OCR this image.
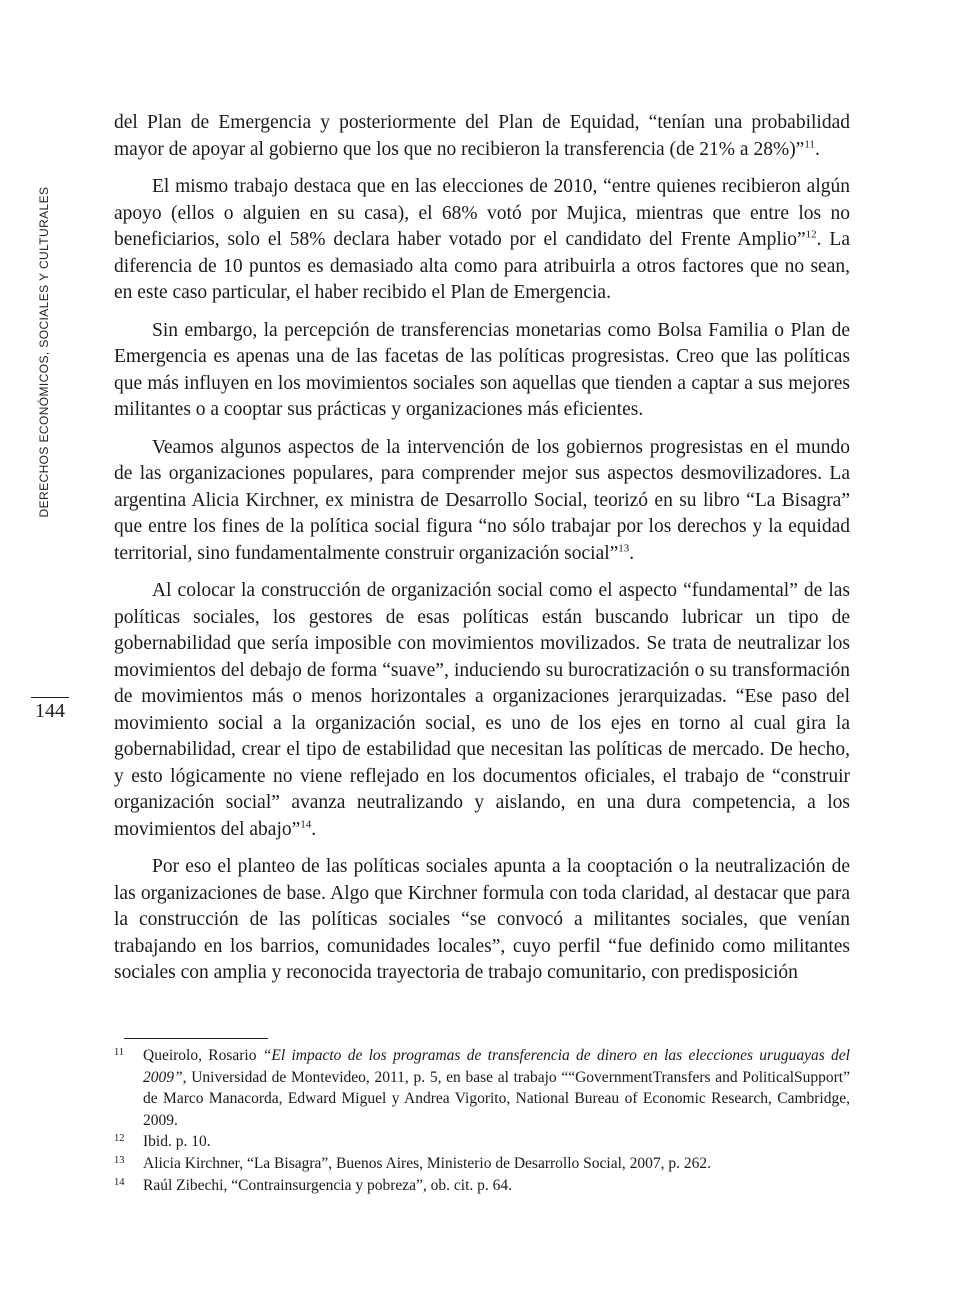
DERECHOS ECONÓMICOS, SOCIALES Y CULTURALES
144

del Plan de Emergencia y posteriormente del Plan de Equidad, “tenían una probabilidad mayor de apoyar al gobierno que los que no recibieron la transferencia (de 21% a 28%)”$^{11}$.

El mismo trabajo destaca que en las elecciones de 2010, “entre quienes recibieron algún apoyo (ellos o alguien en su casa), el 68% votó por Mujica, mientras que entre los no beneficiarios, solo el 58% declara haber votado por el candidato del Frente Amplio”$^{12}$. La diferencia de 10 puntos es demasiado alta como para atribuirla a otros factores que no sean, en este caso particular, el haber recibido el Plan de Emergencia.

Sin embargo, la percepción de transferencias monetarias como Bolsa Familia o Plan de Emergencia es apenas una de las facetas de las políticas progresistas. Creo que las políticas que más influyen en los movimientos sociales son aquellas que tienden a captar a sus mejores militantes o a cooptar sus prácticas y organizaciones más eficientes.

Veamos algunos aspectos de la intervención de los gobiernos progresistas en el mundo de las organizaciones populares, para comprender mejor sus aspectos desmovilizadores. La argentina Alicia Kirchner, ex ministra de Desarrollo Social, teorizó en su libro “La Bisagra” que entre los fines de la política social figura “no sólo trabajar por los derechos y la equidad territorial, sino fundamentalmente construir organización social”$^{13}$.

Al colocar la construcción de organización social como el aspecto “fundamental” de las políticas sociales, los gestores de esas políticas están buscando lubricar un tipo de gobernabilidad que sería imposible con movimientos movilizados. Se trata de neutralizar los movimientos del debajo de forma “suave”, induciendo su burocratización o su transformación de movimientos más o menos horizontales a organizaciones jerarquizadas. “Ese paso del movimiento social a la organización social, es uno de los ejes en torno al cual gira la gobernabilidad, crear el tipo de estabilidad que necesitan las políticas de mercado. De hecho, y esto lógicamente no viene reflejado en los documentos oficiales, el trabajo de “construir organización social” avanza neutralizando y aislando, en una dura competencia, a los movimientos del abajo”$^{14}$.

Por eso el planteo de las políticas sociales apunta a la cooptación o la neutralización de las organizaciones de base. Algo que Kirchner formula con toda claridad, al destacar que para la construcción de las políticas sociales “se convocó a militantes sociales, que venían trabajando en los barrios, comunidades locales”, cuyo perfil “fue definido como militantes sociales con amplia y reconocida trayectoria de trabajo comunitario, con predisposición

11	Queirolo, Rosario “El impacto de los programas de transferencia de dinero en las elecciones uruguayas del 2009”, Universidad de Montevideo, 2011, p. 5, en base al trabajo ““GovernmentTransfers and PoliticalSupport” de Marco Manacorda, Edward Miguel y Andrea Vigorito, National Bureau of Economic Research, Cambridge, 2009.
12	Ibid. p. 10.
13	Alicia Kirchner, “La Bisagra”, Buenos Aires, Ministerio de Desarrollo Social, 2007, p. 262.
14	Raúl Zibechi, “Contrainsurgencia y pobreza”, ob. cit. p. 64.
